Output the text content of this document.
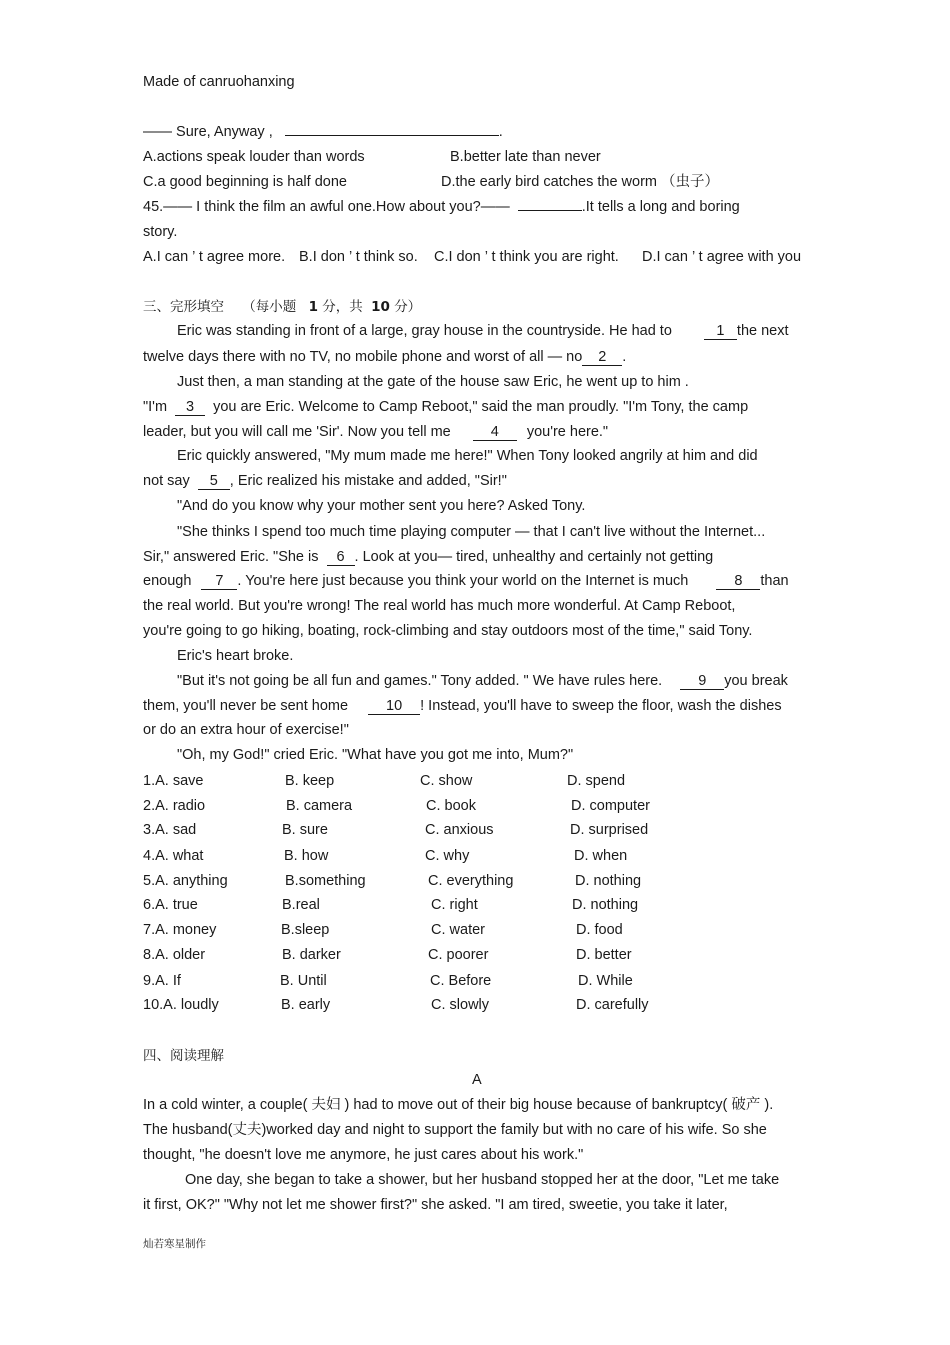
Made of canruohanxing
—— Sure, Anyway ,	.
A.actions speak louder than words	B.better late than never
C.a good beginning is half done	D.the early bird catches the worm （虫子）
45.—— I think the film an awful one.How about you?——	.It tells a long and boring
story.
A.I can ’ t agree more. B.I don ’ t think so. C.I don ’ t think you are right. D.I can ’ t agree with you
三、完形填空 （每小题 1 分，共 10 分）
Eric was standing in front of a large, gray house in the countryside. He had to	1 the next
twelve days there with no TV, no mobile phone and worst of all — no 2 .
Just then, a man standing at the gate of the house saw Eric, he went up to him .
"I'm 3 you are Eric. Welcome to Camp Reboot," said the man proudly. "I'm Tony, the camp
leader, but you will call me 'Sir'. Now you tell me	4 you're here."
Eric quickly answered, "My mum made me here!" When Tony looked angrily at him and did
not say 5 , Eric realized his mistake and added, "Sir!"
"And do you know why your mother sent you here? Asked Tony.
"She thinks I spend too much time playing computer — that I can't live without the Internet...
Sir," answered Eric. "She is 6 . Look at you— tired, unhealthy and certainly not getting
enough 7 . You're here just because you think your world on the Internet is much	8 than
the real world. But you're wrong! The real world has much more wonderful. At Camp Reboot,
you're going to go hiking, boating, rock-climbing and stay outdoors most of the time," said Tony.
Eric's heart broke.
"But it's not going be all fun and games." Tony added. " We have rules here. 9 you break
them, you'll never be sent home	10 ! Instead, you'll have to sweep the floor, wash the dishes
or do an extra hour of exercise!"
"Oh, my God!" cried Eric. "What have you got me into, Mum?"
1.A. save	B. keep	C. show	D. spend
2.A. radio	B. camera	C. book	D. computer
3.A. sad	B. sure	C. anxious	D. surprised
4.A. what	B. how	C. why	D. when
5.A. anything	B.something	C. everything	D. nothing
6.A. true	B.real	C. right	D. nothing
7.A. money	B.sleep	C. water	D. food
8.A. older	B. darker	C. poorer	D. better
9.A. If	B. Until	C. Before	D. While
10.A. loudly	B. early	C. slowly	D. carefully
四、阅读理解
A
In a cold winter, a couple( 夫妇 ) had to move out of their big house because of bankruptcy( 破产 ).
The husband(丈夫)worked day and night to support the family but with no care of his wife. So she
thought, "he doesn't love me anymore, he just cares about his work."
One day, she began to take a shower, but her husband stopped her at the door, "Let me take
it first, OK?" "Why not let me shower first?" she asked. "I am tired, sweetie, you take it later,
灿若寒星制作
